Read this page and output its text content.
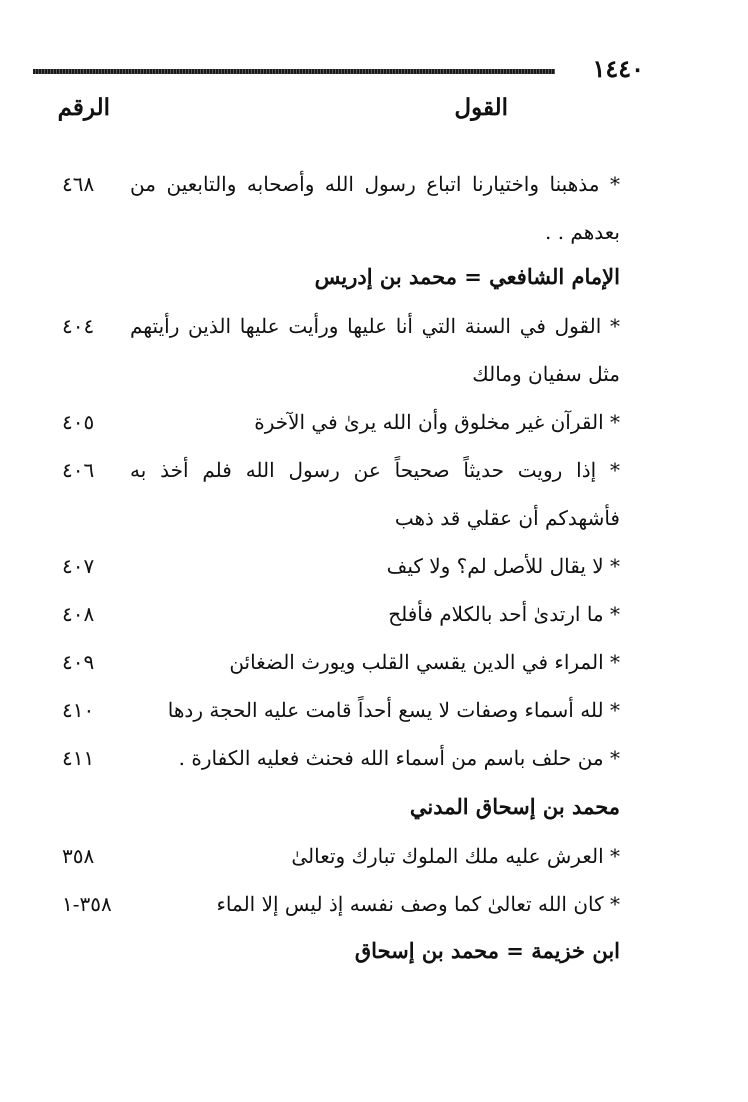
١٤٤٠
القول
الرقم
* مذهبنا واختيارنا اتباع رسول الله وأصحابه والتابعين من
بعدهم . .
٤٦٨
الإمام الشافعي = محمد بن إدريس
* القول في السنة التي أنا عليها ورأيت عليها الذين رأيتهم
مثل سفيان ومالك
٤٠٤
* القرآن غير مخلوق وأن الله يرىٰ في الآخرة
٤٠٥
* إذا رويت حديثاً صحيحاً عن رسول الله فلم أخذ به
فأشهدكم أن عقلي قد ذهب
٤٠٦
* لا يقال للأصل لم؟ ولا كيف
٤٠٧
* ما ارتدىٰ أحد بالكلام فأفلح
٤٠٨
* المراء في الدين يقسي القلب ويورث الضغائن
٤٠٩
* لله أسماء وصفات لا يسع أحداً قامت عليه الحجة ردها
٤١٠
* من حلف باسم من أسماء الله فحنث فعليه الكفارة .
٤١١
محمد بن إسحاق المدني
* العرش عليه ملك الملوك تبارك وتعالىٰ
٣٥٨
* كان الله تعالىٰ كما وصف نفسه إذ ليس إلا الماء
٣٥٨-١
ابن خزيمة = محمد بن إسحاق
